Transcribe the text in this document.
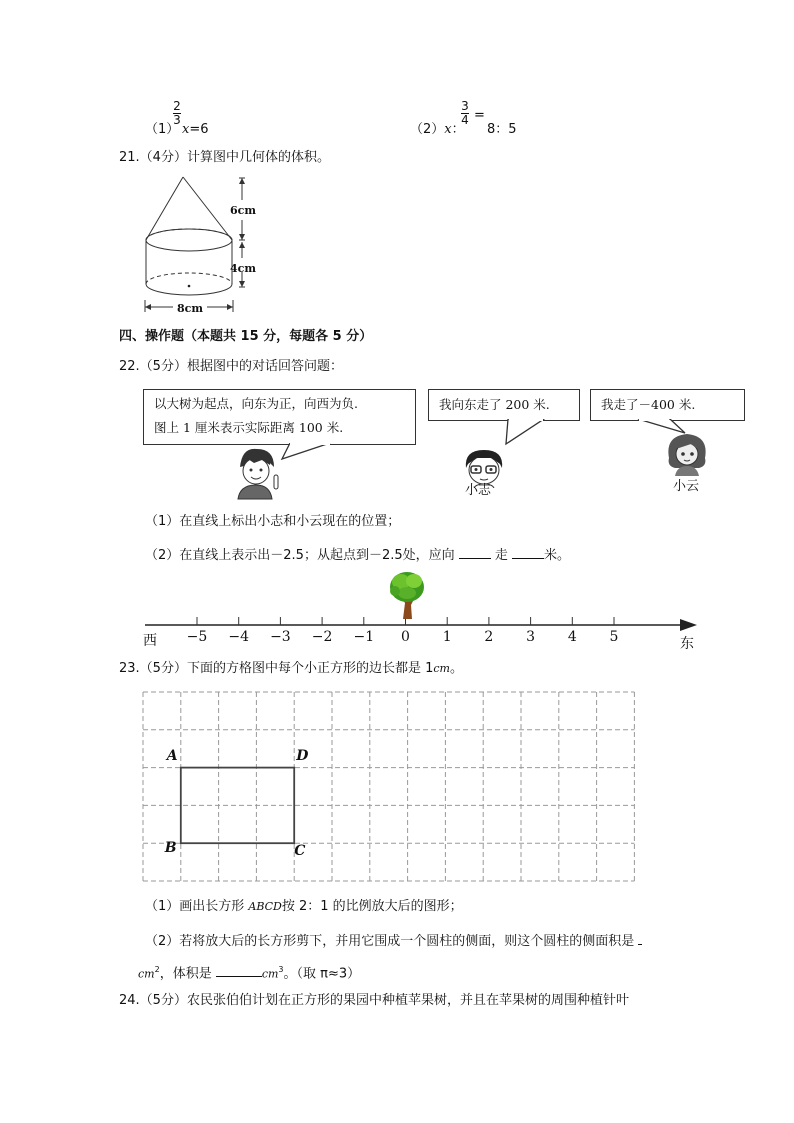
（1）
2
3
x=6	（2）x：
3
4 =
8：5
21.（4分）计算图中几何体的体积。
6cm
4cm
8cm
四、操作题（本题共 15 分，每题各 5 分）
22.（5分）根据图中的对话回答问题：
以大树为起点，向东为正，向西为负.
图上 1 厘米表示实际距离 100 米.
我向东走了 200 米.	我走了－400 米.
小志	小云
（1）在直线上标出小志和小云现在的位置；
（2）在直线上表示出－2.5；从起点到－2.5处，应向	走 米。
−5 −4 −3 −2 −1	0	1	2	3	4	5
西	东
23.（5分）下面的方格图中每个小正方形的边长都是 1cm。
A	D
B	C
（1）画出长方形 ABCD按 2：1 的比例放大后的图形；
（2）若将放大后的长方形剪下，并用它围成一个圆柱的侧面，则这个圆柱的侧面积是
$cm^2$，体积是	$cm^3$。（取 π≈3）
24.（5分）农民张伯伯计划在正方形的果园中种植苹果树，并且在苹果树的周围种植针叶
